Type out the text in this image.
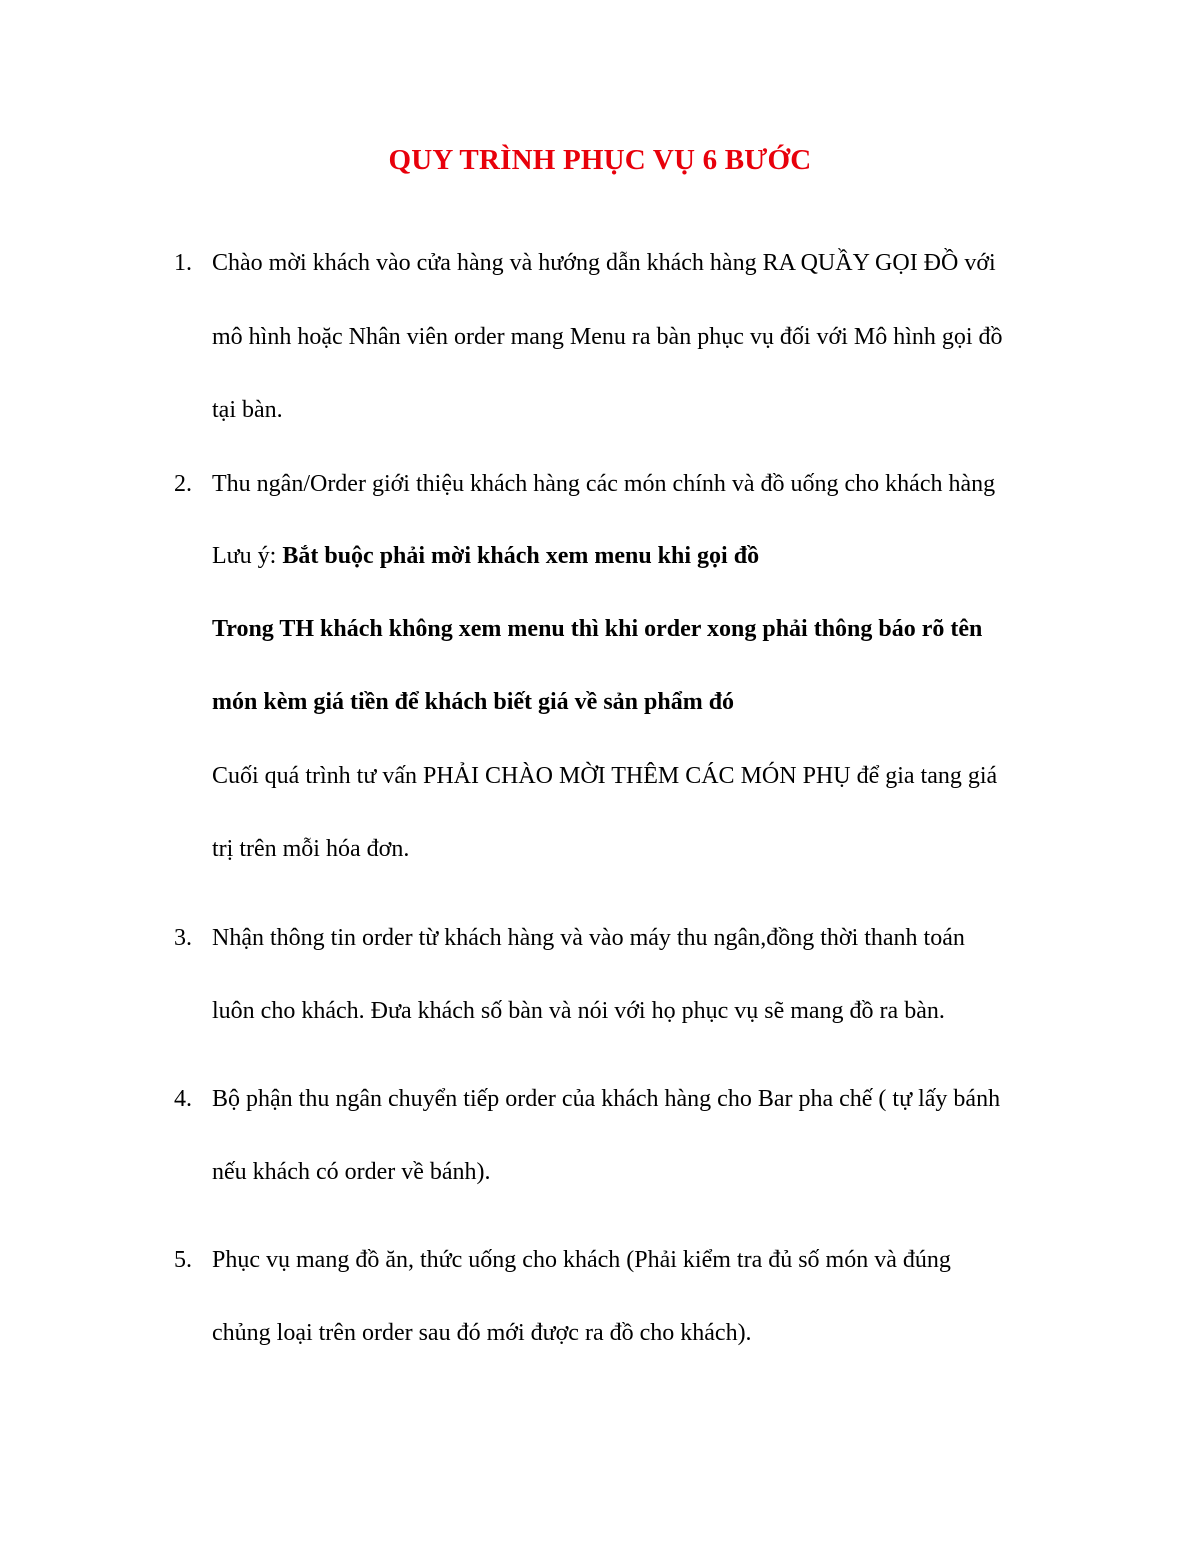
QUY TRÌNH PHỤC VỤ 6 BƯỚC
1. Chào mời khách vào cửa hàng và hướng dẫn khách hàng RA QUẦY GỌI ĐỒ với
mô hình hoặc Nhân viên order mang Menu ra bàn phục vụ đối với Mô hình gọi đồ
tại bàn.
2. Thu ngân/Order giới thiệu khách hàng các món chính và đồ uống cho khách hàng
Lưu ý: Bắt buộc phải mời khách xem menu khi gọi đồ
Trong TH khách không xem menu thì khi order xong phải thông báo rõ tên
món kèm giá tiền để khách biết giá về sản phẩm đó
Cuối quá trình tư vấn PHẢI CHÀO MỜI THÊM CÁC MÓN PHỤ để gia tang giá
trị trên mỗi hóa đơn.
3. Nhận thông tin order từ khách hàng và vào máy thu ngân,đồng thời thanh toán
luôn cho khách. Đưa khách số bàn và nói với họ phục vụ sẽ mang đồ ra bàn.
4. Bộ phận thu ngân chuyển tiếp order của khách hàng cho Bar pha chế ( tự lấy bánh
nếu khách có order về bánh).
5. Phục vụ mang đồ ăn, thức uống cho khách (Phải kiểm tra đủ số món và đúng
chủng loại trên order sau đó mới được ra đồ cho khách).
